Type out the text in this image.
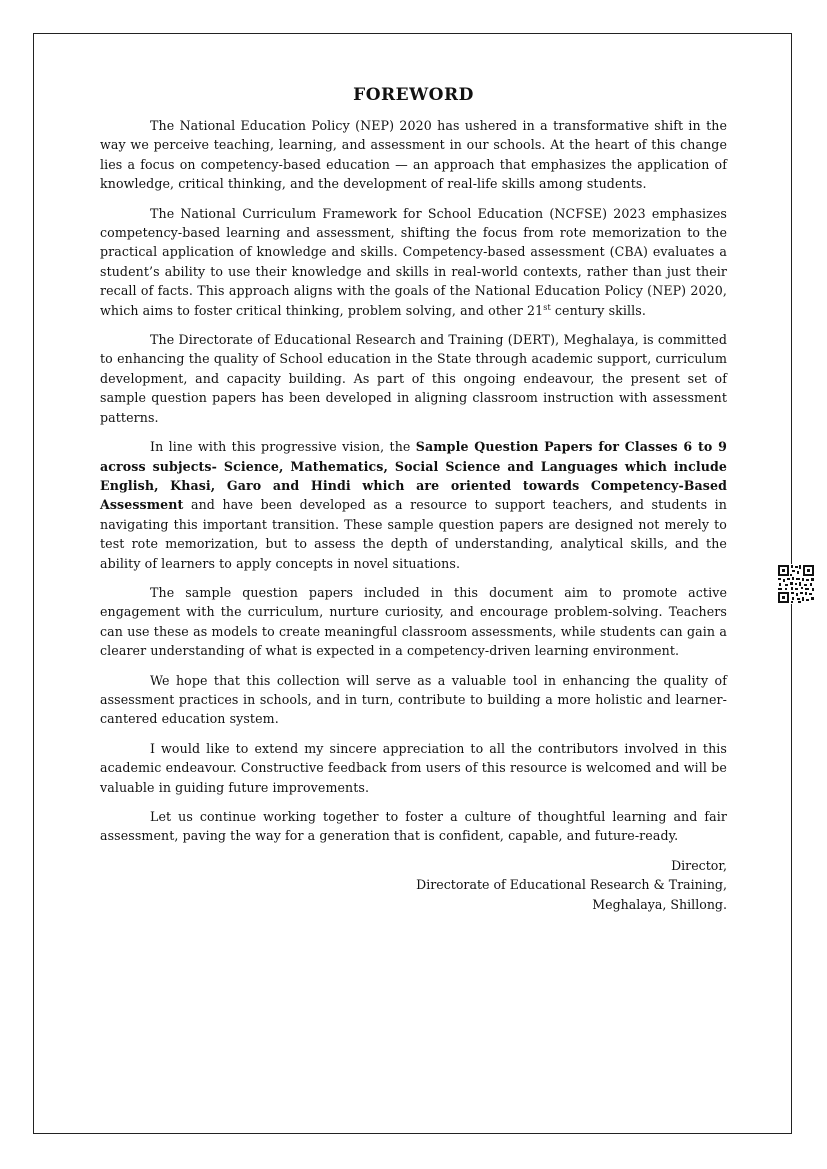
FOREWORD

The National Education Policy (NEP) 2020 has ushered in a transformative shift in the way we perceive teaching, learning, and assessment in our schools. At the heart of this change lies a focus on competency-based education — an approach that emphasizes the application of knowledge, critical thinking, and the development of real-life skills among students.

The National Curriculum Framework for School Education (NCFSE) 2023 emphasizes competency-based learning and assessment, shifting the focus from rote memorization to the practical application of knowledge and skills. Competency-based assessment (CBA) evaluates a student’s ability to use their knowledge and skills in real-world contexts, rather than just their recall of facts. This approach aligns with the goals of the National Education Policy (NEP) 2020, which aims to foster critical thinking, problem solving, and other 21st century skills.

The Directorate of Educational Research and Training (DERT), Meghalaya, is committed to enhancing the quality of School education in the State through academic support, curriculum development, and capacity building. As part of this ongoing endeavour, the present set of sample question papers has been developed in aligning classroom instruction with assessment patterns.

In line with this progressive vision, the Sample Question Papers for Classes 6 to 9 across subjects- Science, Mathematics, Social Science and Languages which include English, Khasi, Garo and Hindi which are oriented towards Competency-Based Assessment and have been developed as a resource to support teachers, and students in navigating this important transition. These sample question papers are designed not merely to test rote memorization, but to assess the depth of understanding, analytical skills, and the ability of learners to apply concepts in novel situations.

The sample question papers included in this document aim to promote active engagement with the curriculum, nurture curiosity, and encourage problem-solving. Teachers can use these as models to create meaningful classroom assessments, while students can gain a clearer understanding of what is expected in a competency-driven learning environment.

We hope that this collection will serve as a valuable tool in enhancing the quality of assessment practices in schools, and in turn, contribute to building a more holistic and learner-cantered education system.

I would like to extend my sincere appreciation to all the contributors involved in this academic endeavour. Constructive feedback from users of this resource is welcomed and will be valuable in guiding future improvements.

Let us continue working together to foster a culture of thoughtful learning and fair assessment, paving the way for a generation that is confident, capable, and future-ready.

Director,
Directorate of Educational Research & Training,
Meghalaya, Shillong.
